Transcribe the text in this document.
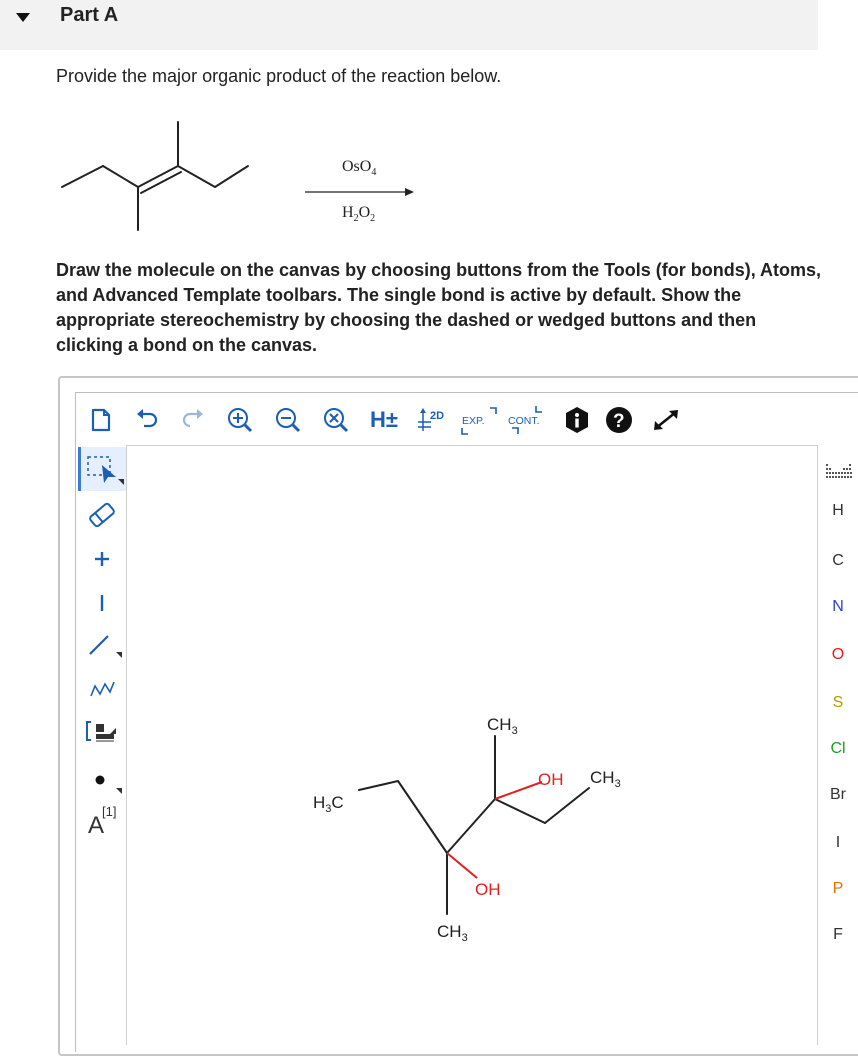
Part A
Provide the major organic product of the reaction below.
OsO$_4$
$H_2O_2$
Draw the molecule on the canvas by choosing buttons from the Tools (for bonds), Atoms, and Advanced Template toolbars. The single bond is active by default. Show the appropriate stereochemistry by choosing the dashed or wedged buttons and then clicking a bond on the canvas.
H±	2D EXP. CONT.	?
A
[1]
$CH_3$
$CH_3$
$H_3C$
$CH_3$
OH
OH
H
C
N
O
S
Cl
Br
I
P
F
